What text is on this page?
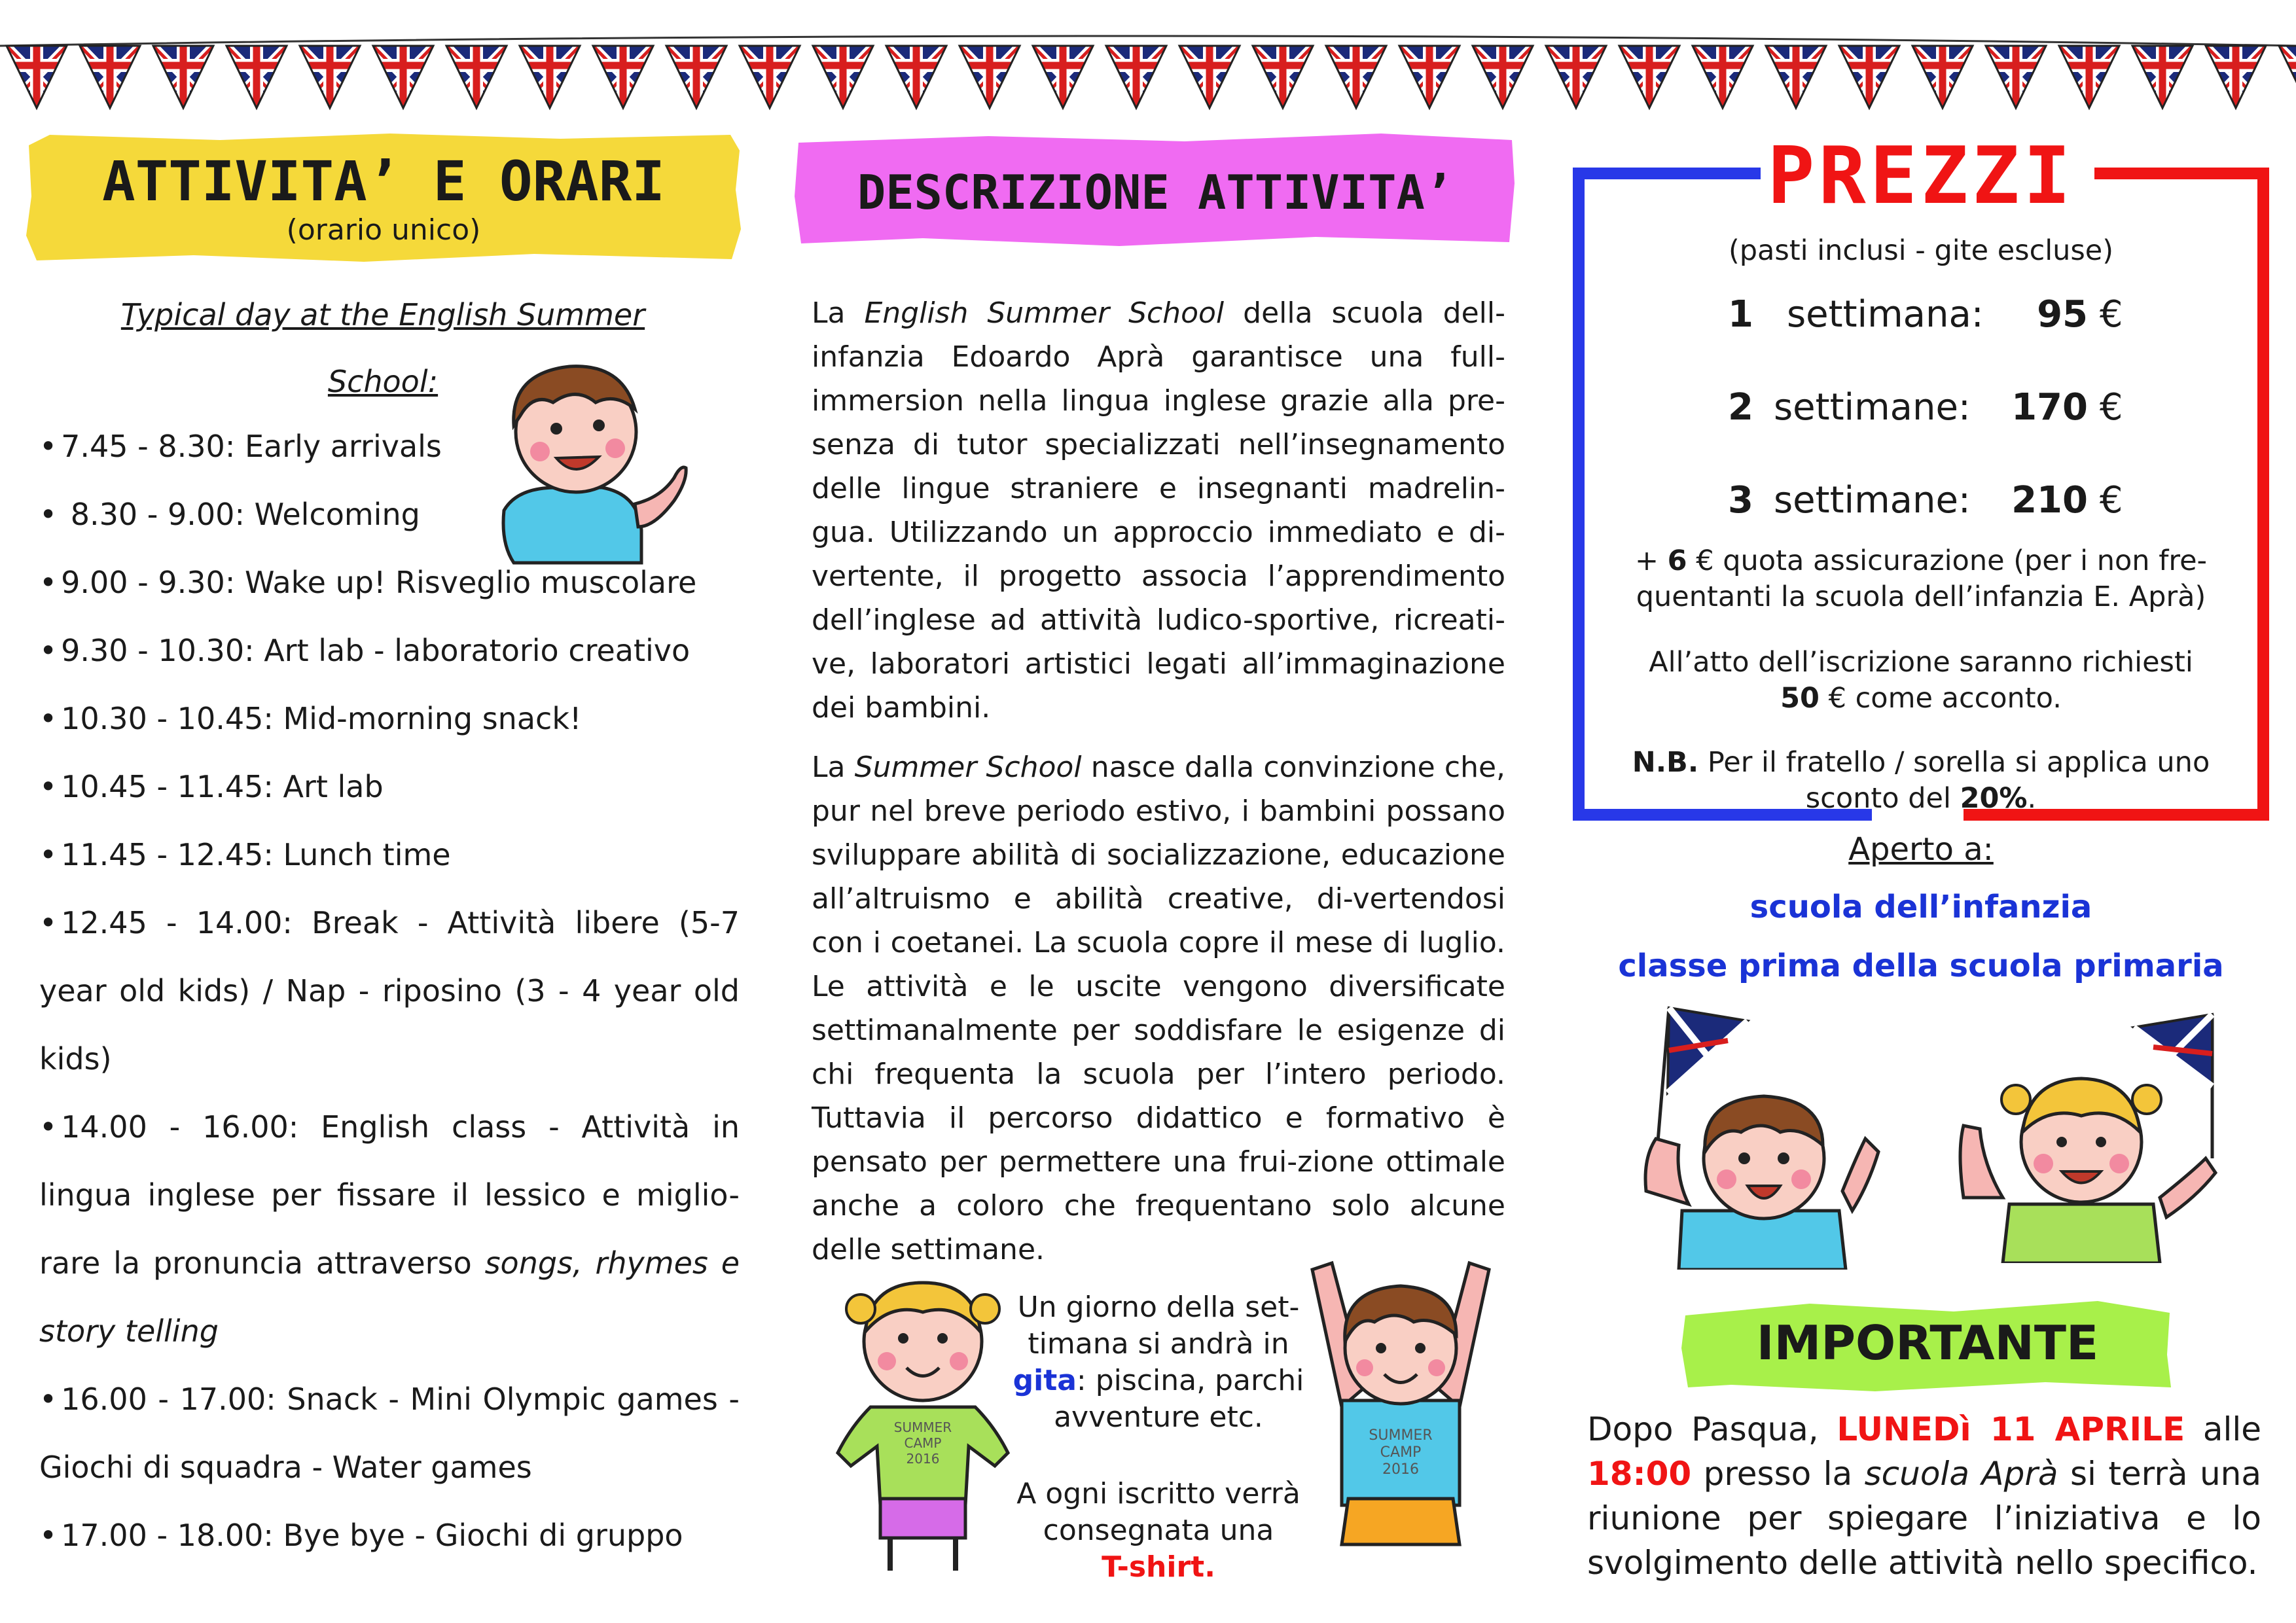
ATTIVITA’ E ORARI
(orario unico)
Typical day at the English Summer
School:
• 7.45 - 8.30: Early arrivals
• 8.30 - 9.00: Welcoming
• 9.00 - 9.30: Wake up! Risveglio muscolare
• 9.30 - 10.30: Art lab - laboratorio creativo
• 10.30 - 10.45: Mid-morning snack!
• 10.45 - 11.45: Art lab
• 11.45 - 12.45: Lunch time
• 12.45 - 14.00: Break - Attività libere (5-7 year old kids) / Nap - riposino (3 - 4 year old kids)
• 14.00 - 16.00: English class - Attività in lingua inglese per fissare il lessico e miglio-rare la pronuncia attraverso songs, rhymes e story telling
• 16.00 - 17.00: Snack - Mini Olympic games - Giochi di squadra - Water games
• 17.00 - 18.00: Bye bye - Giochi di gruppo
DESCRIZIONE ATTIVITA’

La English Summer School della scuola dell-infanzia Edoardo Aprà garantisce una full-immersion nella lingua inglese grazie alla pre-senza di tutor specializzati nell’insegnamento delle lingue straniere e insegnanti madrelin-gua. Utilizzando un approccio immediato e di-vertente, il progetto associa l’apprendimento dell’inglese ad attività ludico-sportive, ricreati-ve, laboratori artistici legati all’immaginazione dei bambini.

La Summer School nasce dalla convinzione che, pur nel breve periodo estivo, i bambini possano sviluppare abilità di socializzazione, educazione all’altruismo e abilità creative, di-vertendosi con i coetanei. La scuola copre il mese di luglio. Le attività e le uscite vengono diversificate settimanalmente per soddisfare le esigenze di chi frequenta la scuola per l’intero periodo. Tuttavia il percorso didattico e formativo è pensato per permettere una frui-zione ottimale anche a coloro che frequentano solo alcune delle settimane.

SUMMER
CAMP
2016
Un giorno della set-timana si andrà in gita: piscina, parchi avventure etc.
A ogni iscritto verrà consegnata una
T-shirt.
SUMMER
CAMP
2016
PREZZI
(pasti inclusi - gite escluse)
1 settimana: 95 €
2 settimane: 170 €
3 settimane: 210 €
+ 6 € quota assicurazione (per i non fre-quentanti la scuola dell’infanzia E. Aprà)
All’atto dell’iscrizione saranno richiesti
50 € come acconto.
N.B. Per il fratello / sorella si applica uno sconto del 20%.
Aperto a:
scuola dell’infanzia
classe prima della scuola primaria
IMPORTANTE
Dopo Pasqua, LUNEDì 11 APRILE alle 18:00 presso la scuola Aprà si terrà una riunione per spiegare l’iniziativa e lo svolgimento delle attività nello specifico.
